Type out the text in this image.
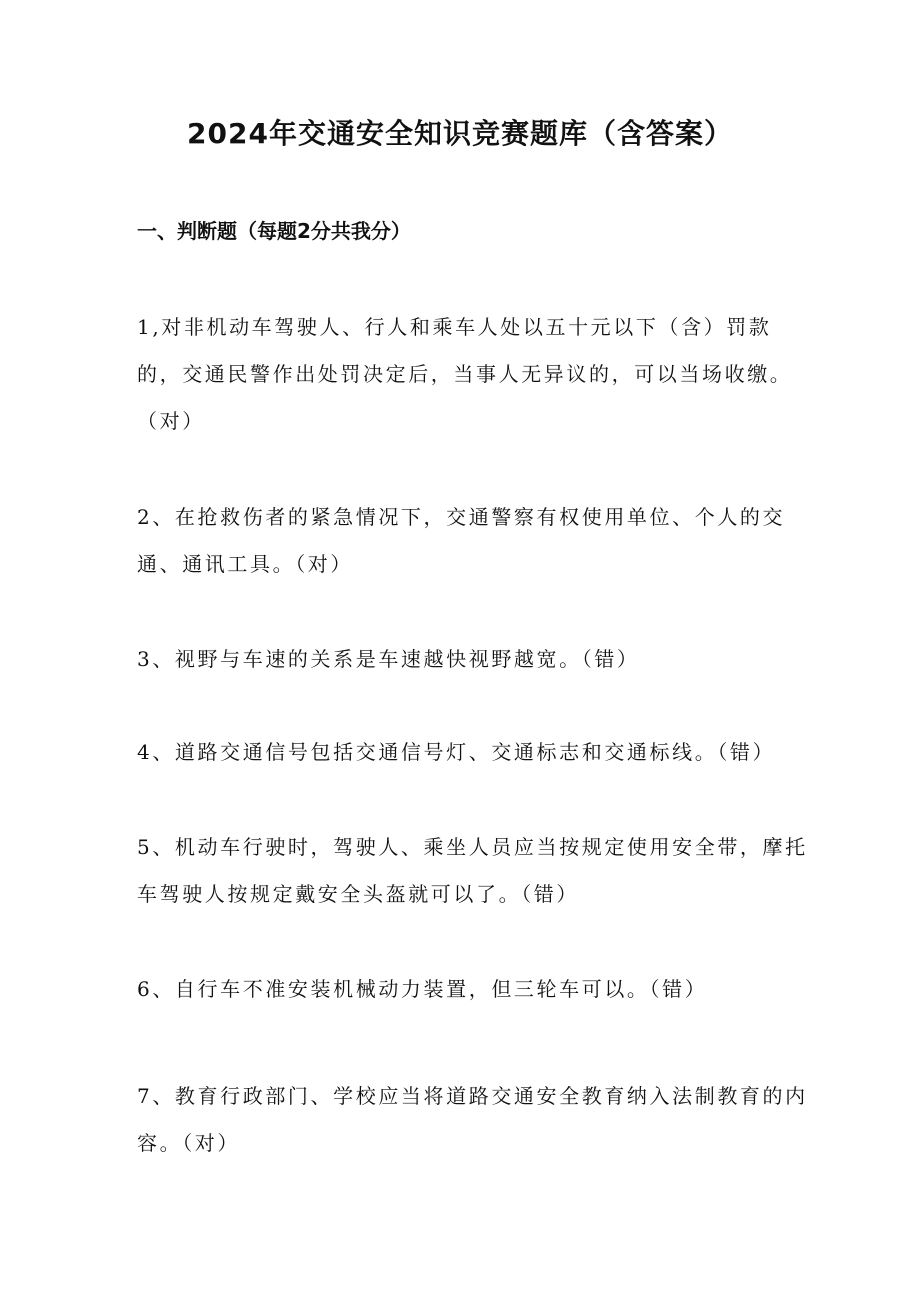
2024年交通安全知识竞赛题库（含答案）
一、判断题（每题2分共我分）
1,对非机动车驾驶人、行人和乘车人处以五十元以下（含）罚款
的，交通民警作出处罚决定后，当事人无异议的，可以当场收缴。
（对）
2、在抢救伤者的紧急情况下，交通警察有权使用单位、个人的交
通、通讯工具。（对）
3、视野与车速的关系是车速越快视野越宽。（错）
4、道路交通信号包括交通信号灯、交通标志和交通标线。（错）
5、机动车行驶时，驾驶人、乘坐人员应当按规定使用安全带，摩托
车驾驶人按规定戴安全头盔就可以了。（错）
6、自行车不准安装机械动力装置，但三轮车可以。（错）
7、教育行政部门、学校应当将道路交通安全教育纳入法制教育的内
容。（对）
